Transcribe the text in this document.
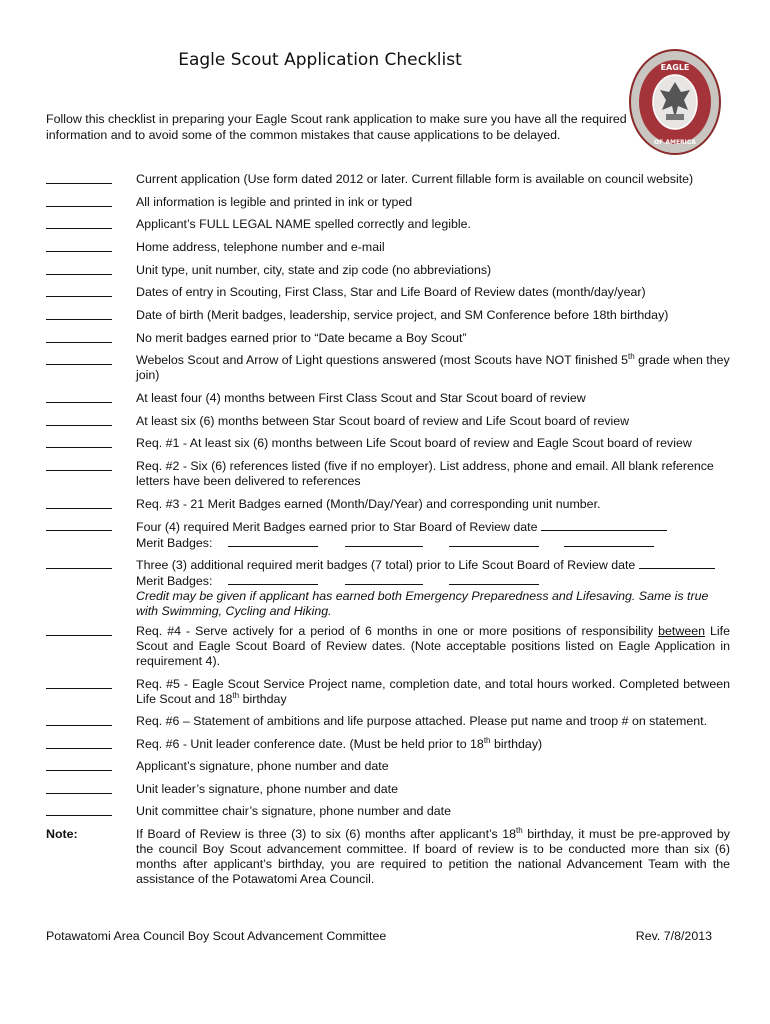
Eagle Scout Application Checklist	EAGLE
OF AMERICA
Follow this checklist in preparing your Eagle Scout rank application to make sure you have all the required information and to avoid some of the common mistakes that cause applications to be delayed.
Current application (Use form dated 2012 or later. Current fillable form is available on council website)
All information is legible and printed in ink or typed
Applicant’s FULL LEGAL NAME spelled correctly and legible.
Home address, telephone number and e-mail
Unit type, unit number, city, state and zip code (no abbreviations)
Dates of entry in Scouting, First Class, Star and Life Board of Review dates (month/day/year)
Date of birth (Merit badges, leadership, service project, and SM Conference before 18th birthday)
No merit badges earned prior to “Date became a Boy Scout”
Webelos Scout and Arrow of Light questions answered (most Scouts have NOT finished 5th grade when they join)
At least four (4) months between First Class Scout and Star Scout board of review
At least six (6) months between Star Scout board of review and Life Scout board of review
Req. #1 - At least six (6) months between Life Scout board of review and Eagle Scout board of review
Req. #2 - Six (6) references listed (five if no employer). List address, phone and email. All blank reference letters have been delivered to references
Req. #3 - 21 Merit Badges earned (Month/Day/Year) and corresponding unit number.
Four (4) required Merit Badges earned prior to Star Board of Review date
Merit Badges:
Three (3) additional required merit badges (7 total) prior to Life Scout Board of Review date
Merit Badges:
Credit may be given if applicant has earned both Emergency Preparedness and Lifesaving. Same is true with Swimming, Cycling and Hiking.
Req. #4 - Serve actively for a period of 6 months in one or more positions of responsibility between Life Scout and Eagle Scout Board of Review dates. (Note acceptable positions listed on Eagle Application in requirement 4).
Req. #5 - Eagle Scout Service Project name, completion date, and total hours worked. Completed between Life Scout and 18th birthday
Req. #6 – Statement of ambitions and life purpose attached. Please put name and troop # on statement.
Req. #6 - Unit leader conference date. (Must be held prior to 18th birthday)
Applicant’s signature, phone number and date
Unit leader’s signature, phone number and date
Unit committee chair’s signature, phone number and date
Note:	If Board of Review is three (3) to six (6) months after applicant’s 18th birthday, it must be pre-approved by the council Boy Scout advancement committee. If board of review is to be conducted more than six (6) months after applicant’s birthday, you are required to petition the national Advancement Team with the assistance of the Potawatomi Area Council.
Potawatomi Area Council Boy Scout Advancement Committee	Rev. 7/8/2013
